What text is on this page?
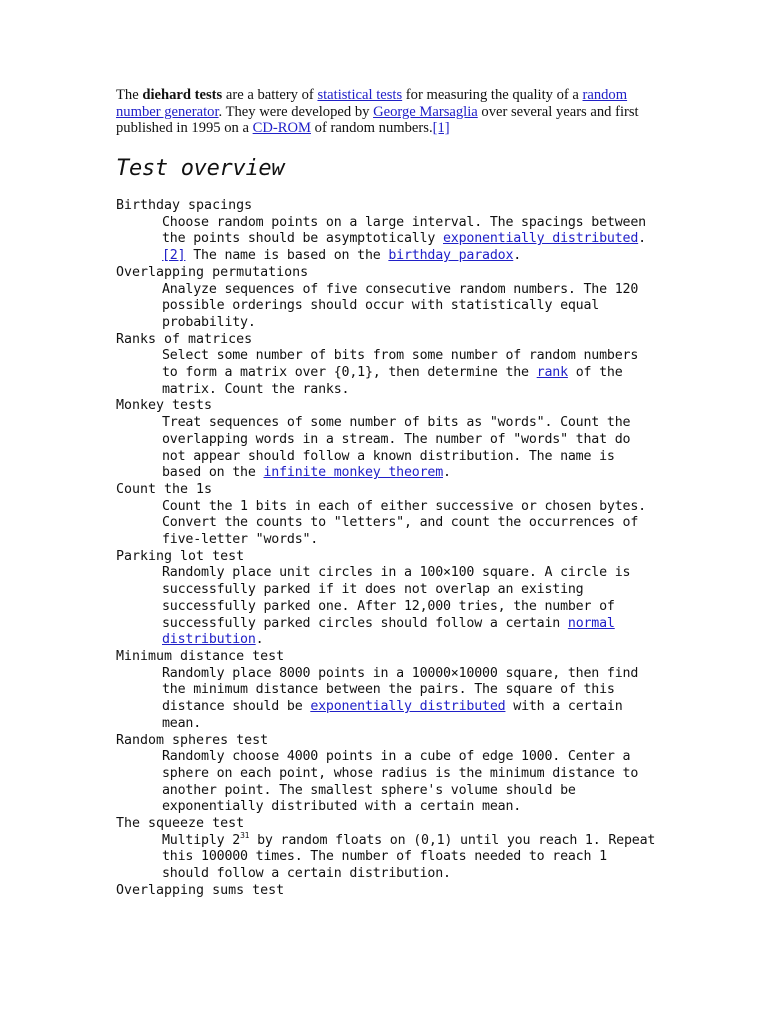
The diehard tests are a battery of statistical tests for measuring the quality of a random number generator. They were developed by George Marsaglia over several years and first published in 1995 on a CD-ROM of random numbers.[1]

Test overview
Birthday spacings
Choose random points on a large interval. The spacings between the points should be asymptotically exponentially distributed. [2] The name is based on the birthday paradox.
Overlapping permutations
Analyze sequences of five consecutive random numbers. The 120 possible orderings should occur with statistically equal probability.
Ranks of matrices
Select some number of bits from some number of random numbers to form a matrix over {0,1}, then determine the rank of the matrix. Count the ranks.
Monkey tests
Treat sequences of some number of bits as "words". Count the overlapping words in a stream. The number of "words" that do not appear should follow a known distribution. The name is based on the infinite monkey theorem.
Count the 1s
Count the 1 bits in each of either successive or chosen bytes. Convert the counts to "letters", and count the occurrences of five-letter "words".
Parking lot test
Randomly place unit circles in a 100×100 square. A circle is successfully parked if it does not overlap an existing successfully parked one. After 12,000 tries, the number of successfully parked circles should follow a certain normal distribution.
Minimum distance test
Randomly place 8000 points in a 10000×10000 square, then find the minimum distance between the pairs. The square of this distance should be exponentially distributed with a certain mean.
Random spheres test
Randomly choose 4000 points in a cube of edge 1000. Center a sphere on each point, whose radius is the minimum distance to another point. The smallest sphere's volume should be exponentially distributed with a certain mean.
The squeeze test
Multiply $2^{31}$ by random floats on (0,1) until you reach 1. Repeat this 100000 times. The number of floats needed to reach 1 should follow a certain distribution.
Overlapping sums test
